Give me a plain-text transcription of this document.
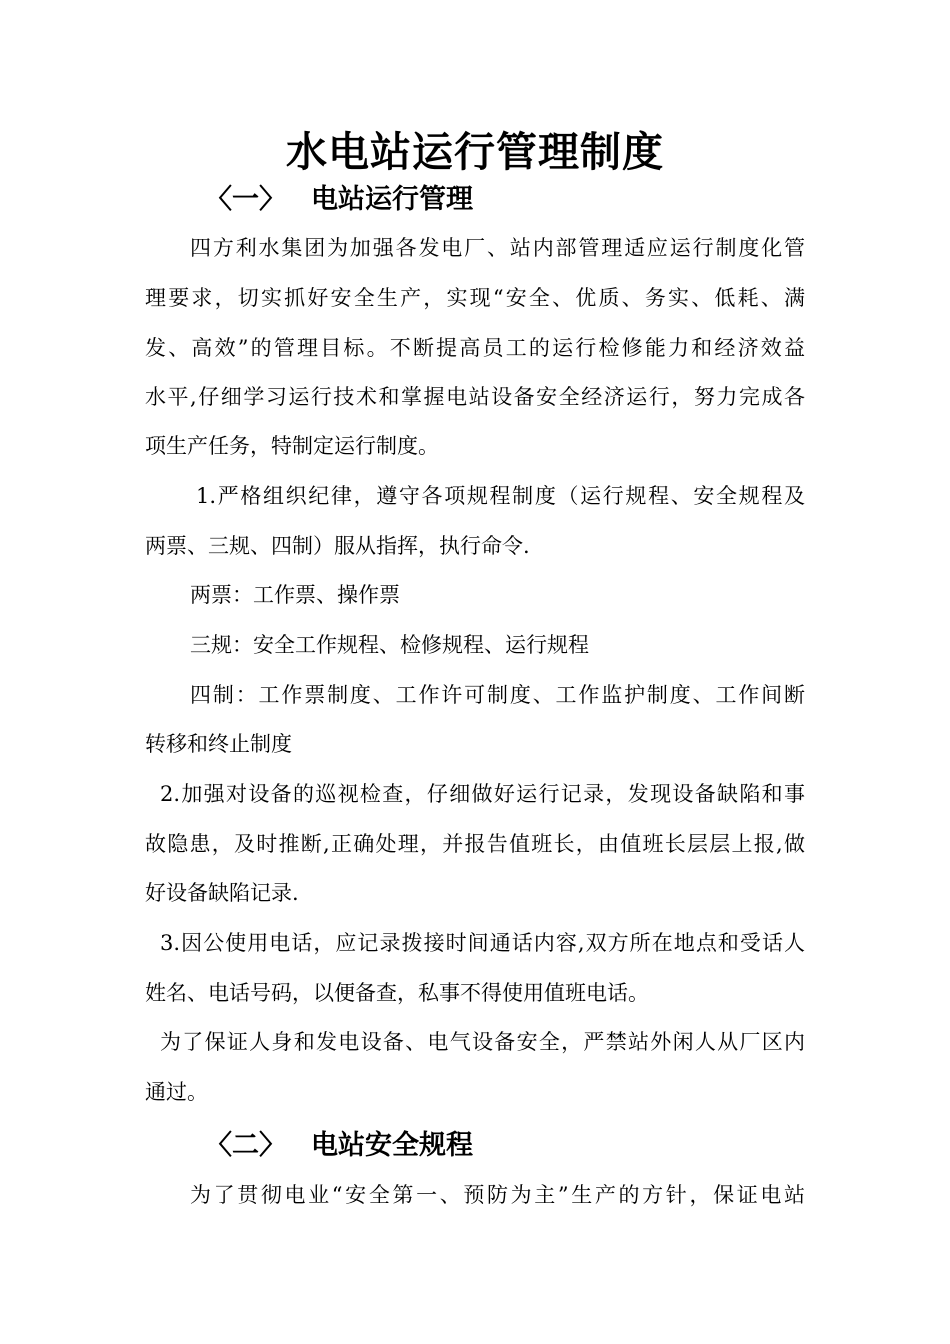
水电站运行管理制度
〈一〉 电站运行管理

四方利水集团为加强各发电厂、站内部管理适应运行制度化管

理要求，切实抓好安全生产，实现“安全、优质、务实、低耗、满

发、高效”的管理目标。不断提高员工的运行检修能力和经济效益

水平,仔细学习运行技术和掌握电站设备安全经济运行，努力完成各

项生产任务，特制定运行制度。

1.严格组织纪律，遵守各项规程制度（运行规程、安全规程及

两票、三规、四制）服从指挥，执行命令.

两票：工作票、操作票

三规：安全工作规程、检修规程、运行规程

四制：工作票制度、工作许可制度、工作监护制度、工作间断

转移和终止制度

2.加强对设备的巡视检查，仔细做好运行记录，发现设备缺陷和事

故隐患，及时推断,正确处理，并报告值班长，由值班长层层上报,做

好设备缺陷记录.

3.因公使用电话，应记录拨接时间通话内容,双方所在地点和受话人

姓名、电话号码，以便备查，私事不得使用值班电话。

为了保证人身和发电设备、电气设备安全，严禁站外闲人从厂区内

通过。

〈二〉 电站安全规程

为了贯彻电业“安全第一、预防为主”生产的方针，保证电站
